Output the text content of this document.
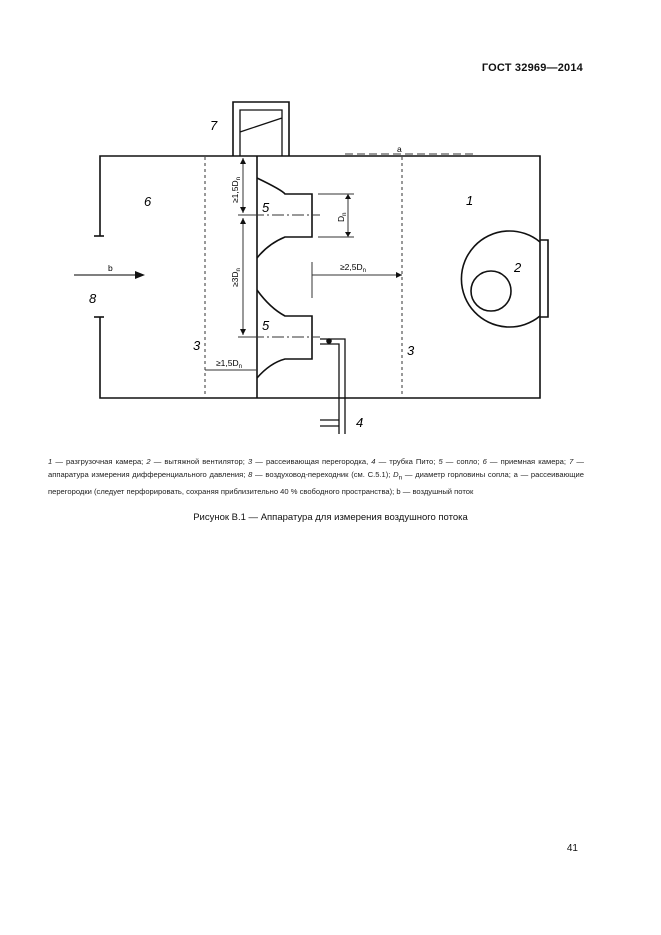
ГОСТ 32969—2014
7
6	1
2
5
5
8
3	3
4
a
b
$\ge 1,5D_n$
$\ge 3D_n$
$D_n$
$\ge 1,5D_n$
$\ge 2,5D_n$
1 — разгрузочная камера; 2 — вытяжной вентилятор; 3 — рассеивающая перегородка, 4 — трубка Пито; 5 — сопло; 6 — приемная камера; 7 — аппаратура измерения дифференциального давления; 8 — воздуховод-переходник (см. С.5.1); $D_n$ — диаметр горловины сопла; a — рассеивающие перегородки (следует перфорировать, сохраняя приблизительно 40 % свободного пространства); b — воздушный поток
Рисунок В.1 — Аппаратура для измерения воздушного потока
41
